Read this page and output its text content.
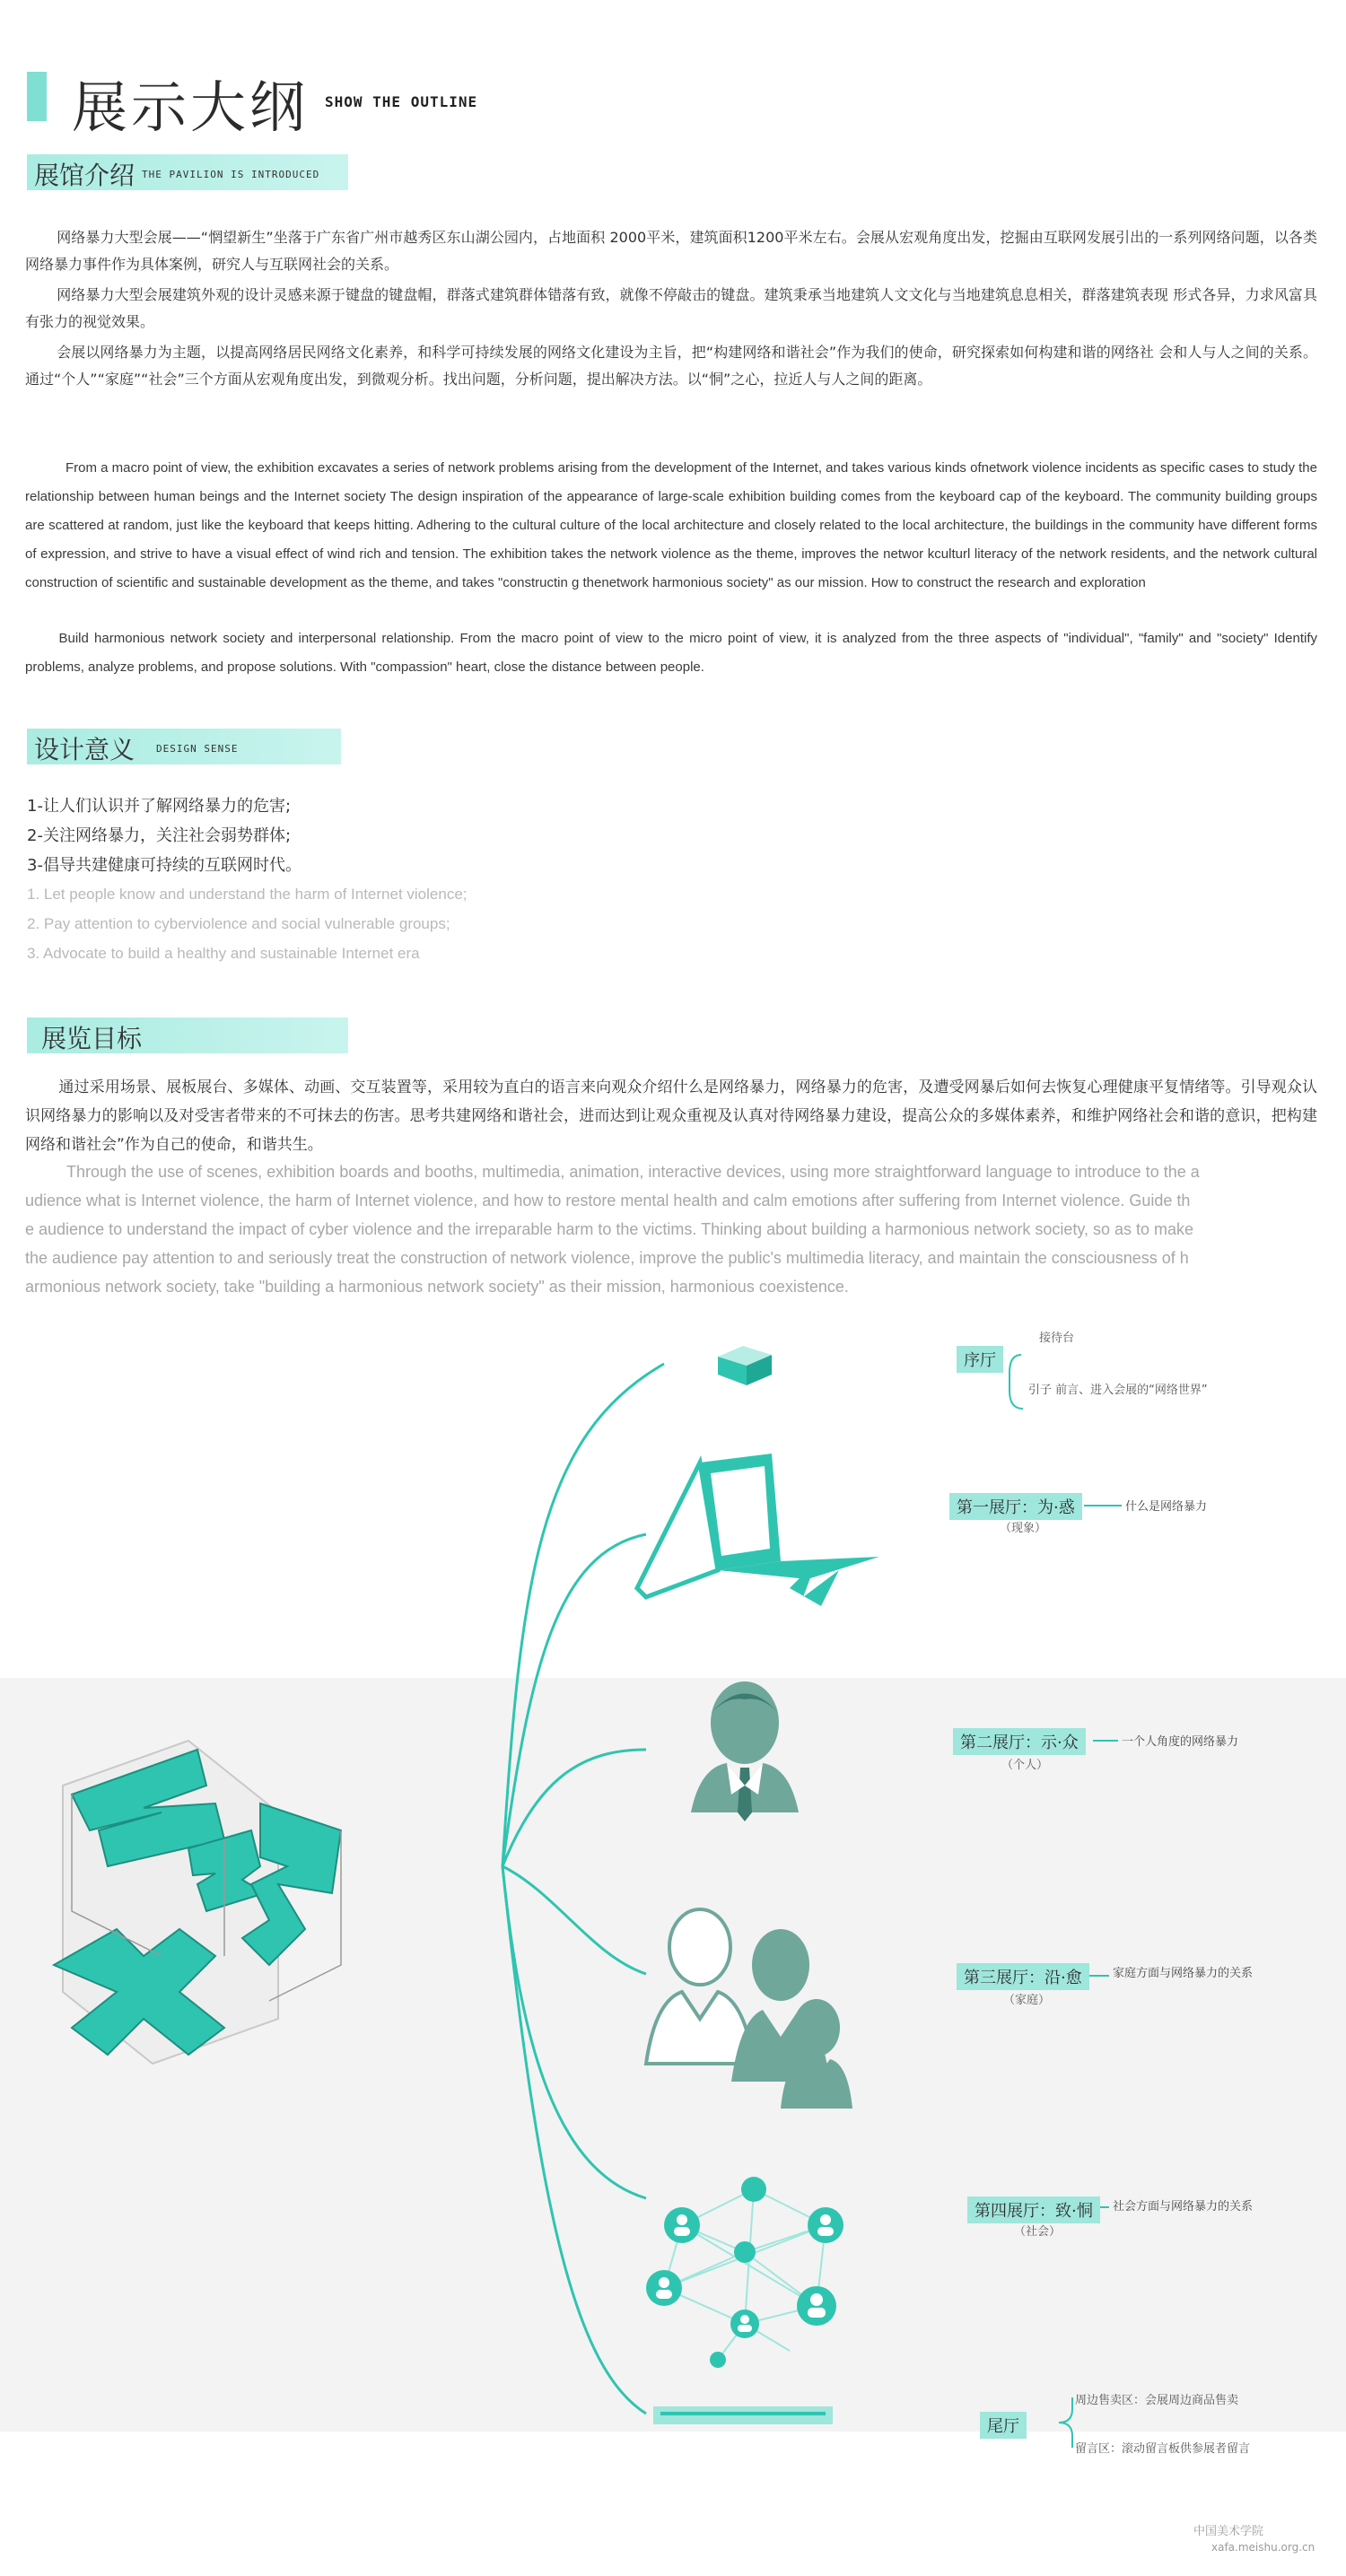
展示大纲 SHOW THE OUTLINE
展馆介绍 THE PAVILION IS INTRODUCED
网络暴力大型会展——“惘望新生”坐落于广东省广州市越秀区东山湖公园内，占地面积 2000平米，建筑面积1200平米左右。会展从宏观角度出发，挖掘由互联网发展引出的一系列网络问题，以各类网络暴力事件作为具体案例，研究人与互联网社会的关系。
网络暴力大型会展建筑外观的设计灵感来源于键盘的键盘帽，群落式建筑群体错落有致，就像不停敲击的键盘。建筑秉承当地建筑人文文化与当地建筑息息相关，群落建筑表现 形式各异，力求风富具有张力的视觉效果。
会展以网络暴力为主题，以提高网络居民网络文化素养，和科学可持续发展的网络文化建设为主旨，把“构建网络和谐社会”作为我们的使命，研究探索如何构建和谐的网络社 会和人与人之间的关系。通过“个人”“家庭”“社会”三个方面从宏观角度出发，到微观分析。找出问题，分析问题，提出解决方法。以“恫”之心，拉近人与人之间的距离。
From a macro point of view, the exhibition excavates a series of network problems arising from the development of the Internet, and takes various kinds ofnetwork violence incidents as specific cases to study the relationship between human beings and the Internet society The design inspiration of the appearance of large-scale exhibition building comes from the keyboard cap of the keyboard. The community building groups are scattered at random, just like the keyboard that keeps hitting. Adhering to the cultural culture of the local architecture and closely related to the local architecture, the buildings in the community have different forms of expression, and strive to have a visual effect of wind rich and tension. The exhibition takes the network violence as the theme, improves the networ kculturl literacy of the network residents, and the network cultural construction of scientific and sustainable development as the theme, and takes "constructin g thenetwork harmonious society" as our mission. How to construct the research and exploration
Build harmonious network society and interpersonal relationship. From the macro point of view to the micro point of view, it is analyzed from the three aspects of "individual", "family" and "society" Identify problems, analyze problems, and propose solutions. With "compassion" heart, close the distance between people.
设计意义 DESIGN SENSE
1-让人们认识并了解网络暴力的危害;
2-关注网络暴力，关注社会弱势群体;
3-倡导共建健康可持续的互联网时代。
1. Let people know and understand the harm of Internet violence;
2. Pay attention to cyberviolence and social vulnerable groups;
3. Advocate to build a healthy and sustainable Internet era
展览目标
通过采用场景、展板展台、多媒体、动画、交互装置等，采用较为直白的语言来向观众介绍什么是网络暴力，网络暴力的危害，及遭受网暴后如何去恢复心理健康平复情绪等。引导观众认识网络暴力的影响以及对受害者带来的不可抹去的伤害。思考共建网络和谐社会，进而达到让观众重视及认真对待网络暴力建设，提高公众的多媒体素养，和维护网络社会和谐的意识，把构建网络和谐社会”作为自己的使命，和谐共生。
Through the use of scenes, exhibition boards and booths, multimedia, animation, interactive devices, using more straightforward language to introduce to the a
udience what is Internet violence, the harm of Internet violence, and how to restore mental health and calm emotions after suffering from Internet violence. Guide th
e audience to understand the impact of cyber violence and the irreparable harm to the victims. Thinking about building a harmonious network society, so as to make
the audience pay attention to and seriously treat the construction of network violence, improve the public's multimedia literacy, and maintain the consciousness of h
armonious network society, take "building a harmonious network society" as their mission, harmonious coexistence.
序厅
接待台
引子 前言、进入会展的“网络世界”
第一展厅：为·惑
（现象）
什么是网络暴力
第二展厅：示·众
（个人）
一个人角度的网络暴力
第三展厅：沿·愈
（家庭）
家庭方面与网络暴力的关系
第四展厅：致·恫
（社会）
社会方面与网络暴力的关系
尾厅
周边售卖区：会展周边商品售卖
留言区：滚动留言板供参展者留言
中国美术学院
xafa.meishu.org.cn
